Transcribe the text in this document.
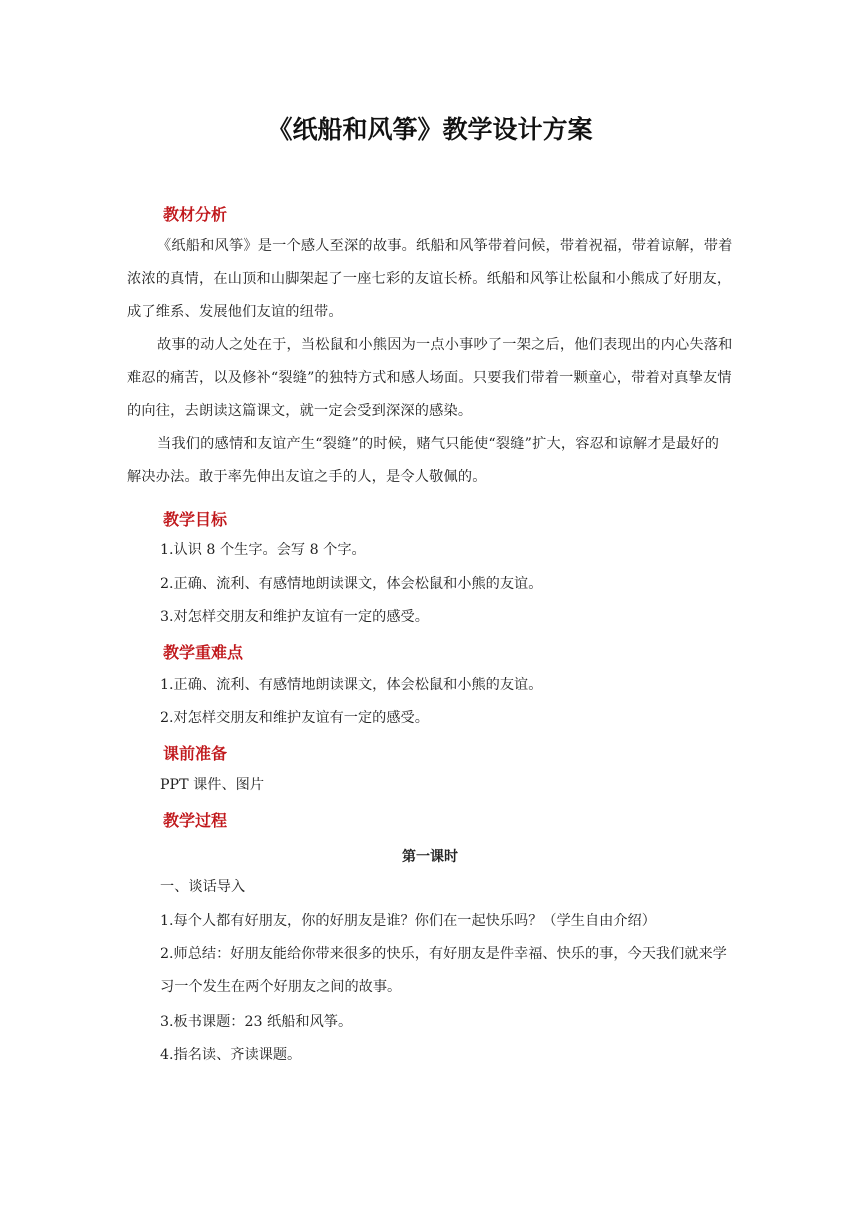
《纸船和风筝》教学设计方案
教材分析

《纸船和风筝》是一个感人至深的故事。纸船和风筝带着问候，带着祝福，带着谅解，带着浓浓的真情，在山顶和山脚架起了一座七彩的友谊长桥。纸船和风筝让松鼠和小熊成了好朋友，成了维系、发展他们友谊的纽带。

故事的动人之处在于，当松鼠和小熊因为一点小事吵了一架之后，他们表现出的内心失落和难忍的痛苦，以及修补“裂缝”的独特方式和感人场面。只要我们带着一颗童心，带着对真挚友情的向往，去朗读这篇课文，就一定会受到深深的感染。

当我们的感情和友谊产生“裂缝”的时候，赌气只能使“裂缝”扩大，容忍和谅解才是最好的解决办法。敢于率先伸出友谊之手的人，是令人敬佩的。

教学目标

1.认识 8 个生字。会写 8 个字。

2.正确、流利、有感情地朗读课文，体会松鼠和小熊的友谊。

3.对怎样交朋友和维护友谊有一定的感受。

教学重难点

1.正确、流利、有感情地朗读课文，体会松鼠和小熊的友谊。

2.对怎样交朋友和维护友谊有一定的感受。

课前准备

PPT 课件、图片

教学过程

第一课时

一、谈话导入

1.每个人都有好朋友，你的好朋友是谁？你们在一起快乐吗？（学生自由介绍）

2.师总结：好朋友能给你带来很多的快乐，有好朋友是件幸福、快乐的事，今天我们就来学习一个发生在两个好朋友之间的故事。

3.板书课题：23 纸船和风筝。

4.指名读、齐读课题。
